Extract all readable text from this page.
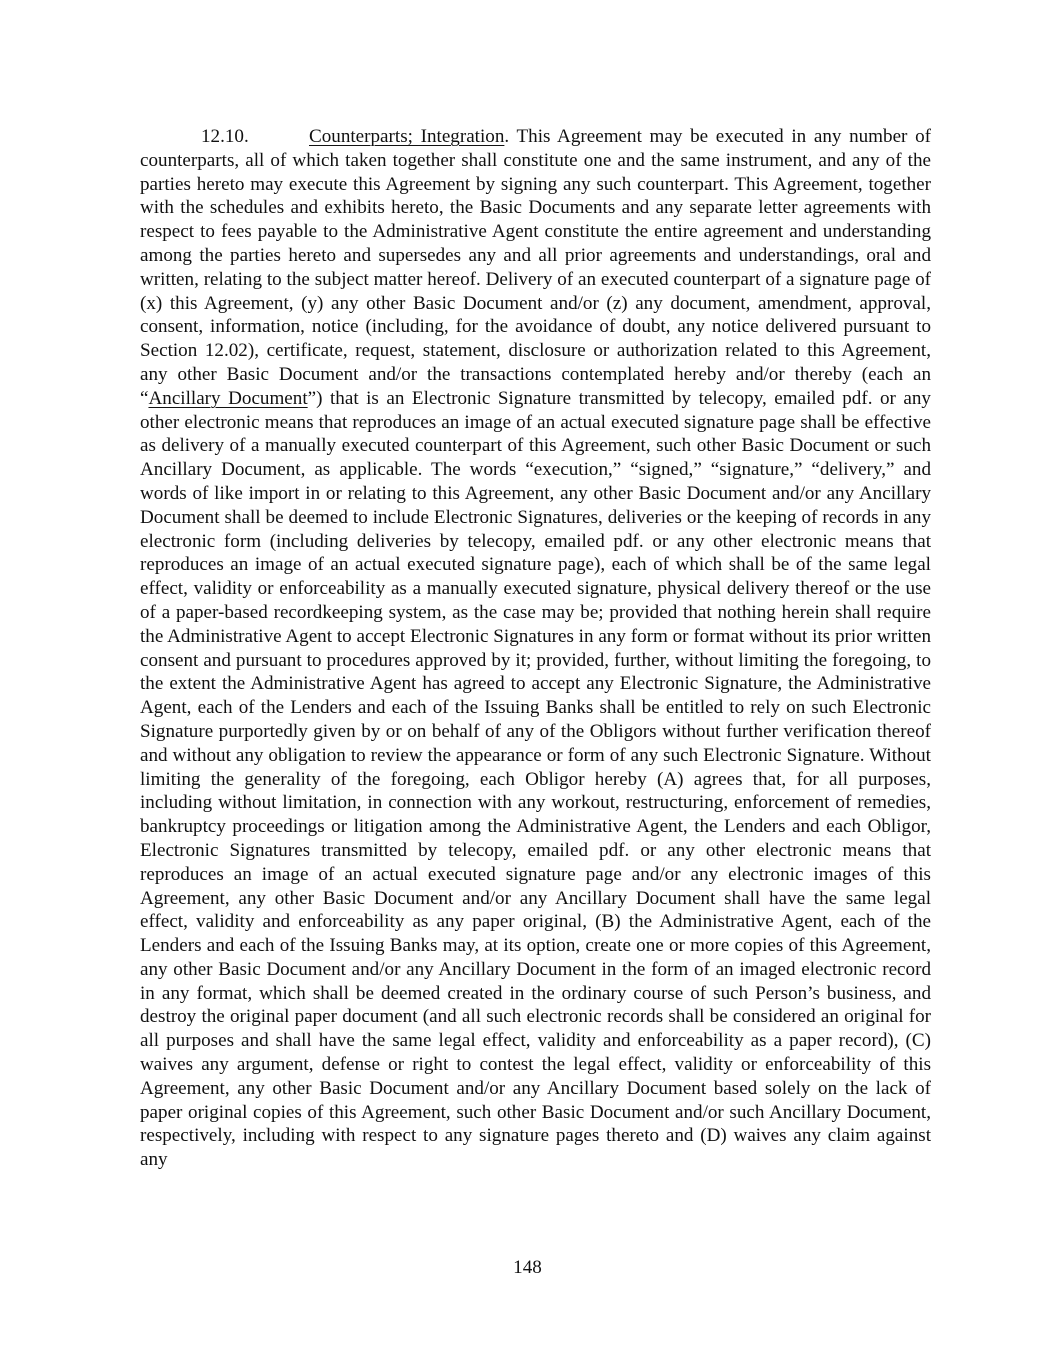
12.10.	Counterparts; Integration. This Agreement may be executed in any number of counterparts, all of which taken together shall constitute one and the same instrument, and any of the parties hereto may execute this Agreement by signing any such counterpart. This Agreement, together with the schedules and exhibits hereto, the Basic Documents and any separate letter agreements with respect to fees payable to the Administrative Agent constitute the entire agreement and understanding among the parties hereto and supersedes any and all prior agreements and understandings, oral and written, relating to the subject matter hereof. Delivery of an executed counterpart of a signature page of (x) this Agreement, (y) any other Basic Document and/or (z) any document, amendment, approval, consent, information, notice (including, for the avoidance of doubt, any notice delivered pursuant to Section 12.02), certificate, request, statement, disclosure or authorization related to this Agreement, any other Basic Document and/or the transactions contemplated hereby and/or thereby (each an “Ancillary Document”) that is an Electronic Signature transmitted by telecopy, emailed pdf. or any other electronic means that reproduces an image of an actual executed signature page shall be effective as delivery of a manually executed counterpart of this Agreement, such other Basic Document or such Ancillary Document, as applicable. The words “execution,” “signed,” “signature,” “delivery,” and words of like import in or relating to this Agreement, any other Basic Document and/or any Ancillary Document shall be deemed to include Electronic Signatures, deliveries or the keeping of records in any electronic form (including deliveries by telecopy, emailed pdf. or any other electronic means that reproduces an image of an actual executed signature page), each of which shall be of the same legal effect, validity or enforceability as a manually executed signature, physical delivery thereof or the use of a paper-based recordkeeping system, as the case may be; provided that nothing herein shall require the Administrative Agent to accept Electronic Signatures in any form or format without its prior written consent and pursuant to procedures approved by it; provided, further, without limiting the foregoing, to the extent the Administrative Agent has agreed to accept any Electronic Signature, the Administrative Agent, each of the Lenders and each of the Issuing Banks shall be entitled to rely on such Electronic Signature purportedly given by or on behalf of any of the Obligors without further verification thereof and without any obligation to review the appearance or form of any such Electronic Signature. Without limiting the generality of the foregoing, each Obligor hereby (A) agrees that, for all purposes, including without limitation, in connection with any workout, restructuring, enforcement of remedies, bankruptcy proceedings or litigation among the Administrative Agent, the Lenders and each Obligor, Electronic Signatures transmitted by telecopy, emailed pdf. or any other electronic means that reproduces an image of an actual executed signature page and/or any electronic images of this Agreement, any other Basic Document and/or any Ancillary Document shall have the same legal effect, validity and enforceability as any paper original, (B) the Administrative Agent, each of the Lenders and each of the Issuing Banks may, at its option, create one or more copies of this Agreement, any other Basic Document and/or any Ancillary Document in the form of an imaged electronic record in any format, which shall be deemed created in the ordinary course of such Person’s business, and destroy the original paper document (and all such electronic records shall be considered an original for all purposes and shall have the same legal effect, validity and enforceability as a paper record), (C) waives any argument, defense or right to contest the legal effect, validity or enforceability of this Agreement, any other Basic Document and/or any Ancillary Document based solely on the lack of paper original copies of this Agreement, such other Basic Document and/or such Ancillary Document, respectively, including with respect to any signature pages thereto and (D) waives any claim against any
148
